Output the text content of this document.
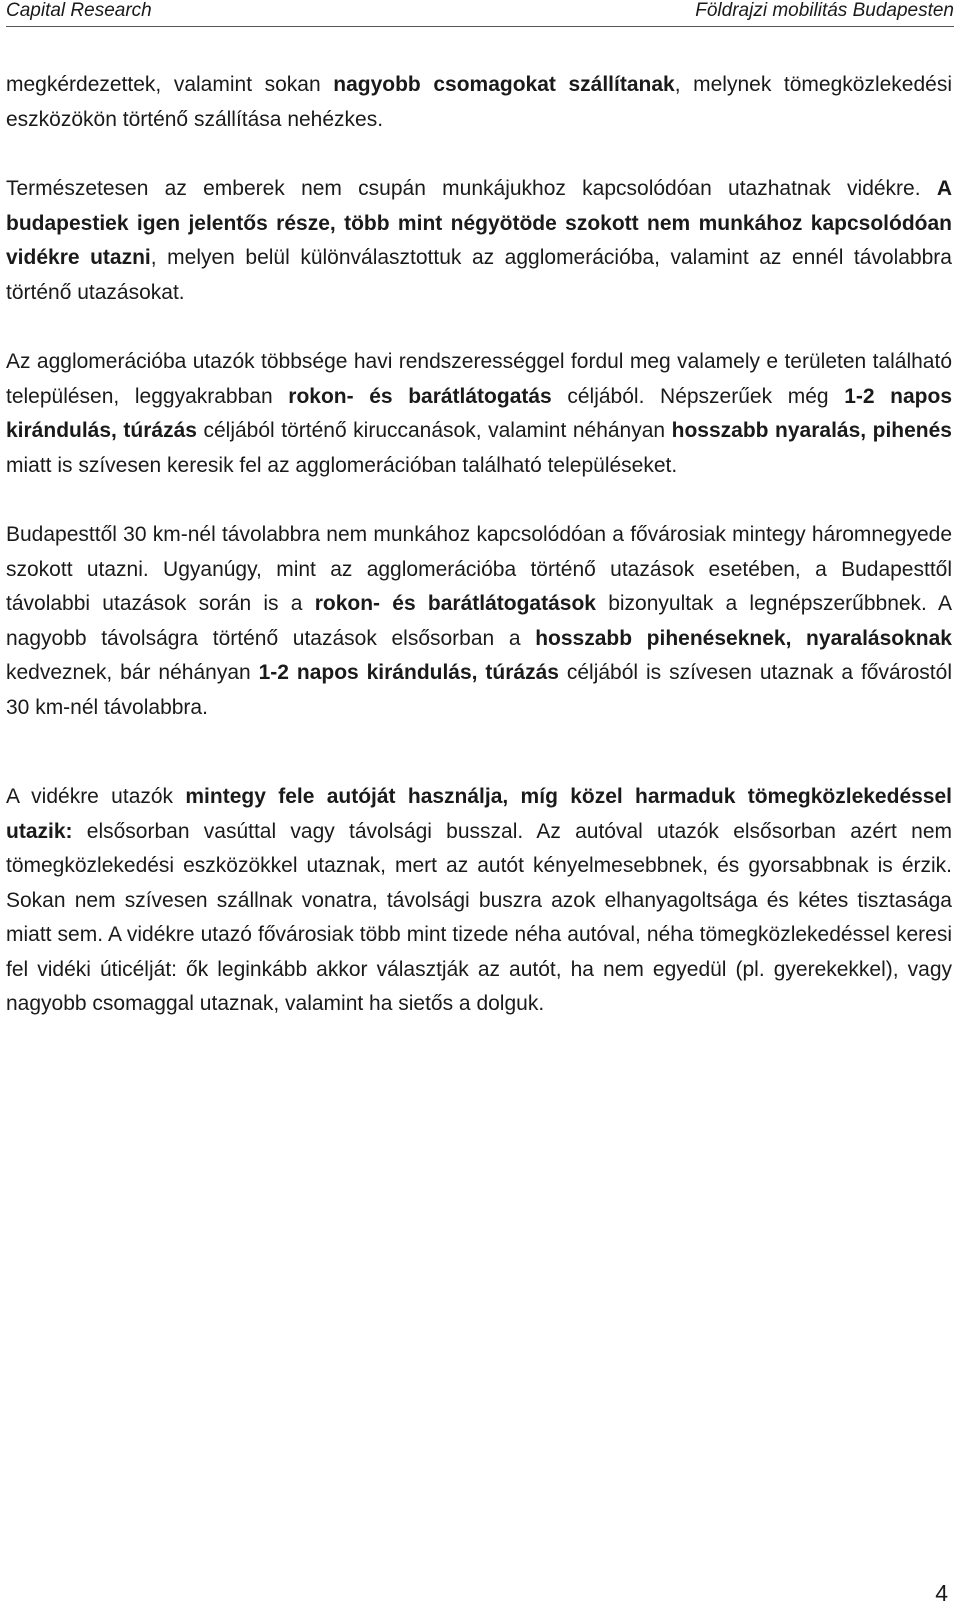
Capital Research	Földrajzi mobilitás Budapesten

megkérdezettek, valamint sokan nagyobb csomagokat szállítanak, melynek tömegközlekedési eszközökön történő szállítása nehézkes.

Természetesen az emberek nem csupán munkájukhoz kapcsolódóan utazhatnak vidékre. A budapestiek igen jelentős része, több mint négyötöde szokott nem munkához kapcsolódóan vidékre utazni, melyen belül különválasztottuk az agglomerációba, valamint az ennél távolabbra történő utazásokat.

Az agglomerációba utazók többsége havi rendszerességgel fordul meg valamely e területen található településen, leggyakrabban rokon- és barátlátogatás céljából. Népszerűek még 1-2 napos kirándulás, túrázás céljából történő kiruccanások, valamint néhányan hosszabb nyaralás, pihenés miatt is szívesen keresik fel az agglomerációban található településeket.

Budapesttől 30 km-nél távolabbra nem munkához kapcsolódóan a fővárosiak mintegy háromnegyede szokott utazni. Ugyanúgy, mint az agglomerációba történő utazások esetében, a Budapesttől távolabbi utazások során is a rokon- és barátlátogatások bizonyultak a legnépszerűbbnek. A nagyobb távolságra történő utazások elsősorban a hosszabb pihenéseknek, nyaralásoknak kedveznek, bár néhányan 1-2 napos kirándulás, túrázás céljából is szívesen utaznak a fővárostól 30 km-nél távolabbra.

A vidékre utazók mintegy fele autóját használja, míg közel harmaduk tömegközlekedéssel utazik: elsősorban vasúttal vagy távolsági busszal. Az autóval utazók elsősorban azért nem tömegközlekedési eszközökkel utaznak, mert az autót kényelmesebbnek, és gyorsabbnak is érzik. Sokan nem szívesen szállnak vonatra, távolsági buszra azok elhanyagoltsága és kétes tisztasága miatt sem. A vidékre utazó fővárosiak több mint tizede néha autóval, néha tömegközlekedéssel keresi fel vidéki úticélját: ők leginkább akkor választják az autót, ha nem egyedül (pl. gyerekekkel), vagy nagyobb csomaggal utaznak, valamint ha sietős a dolguk.

4
